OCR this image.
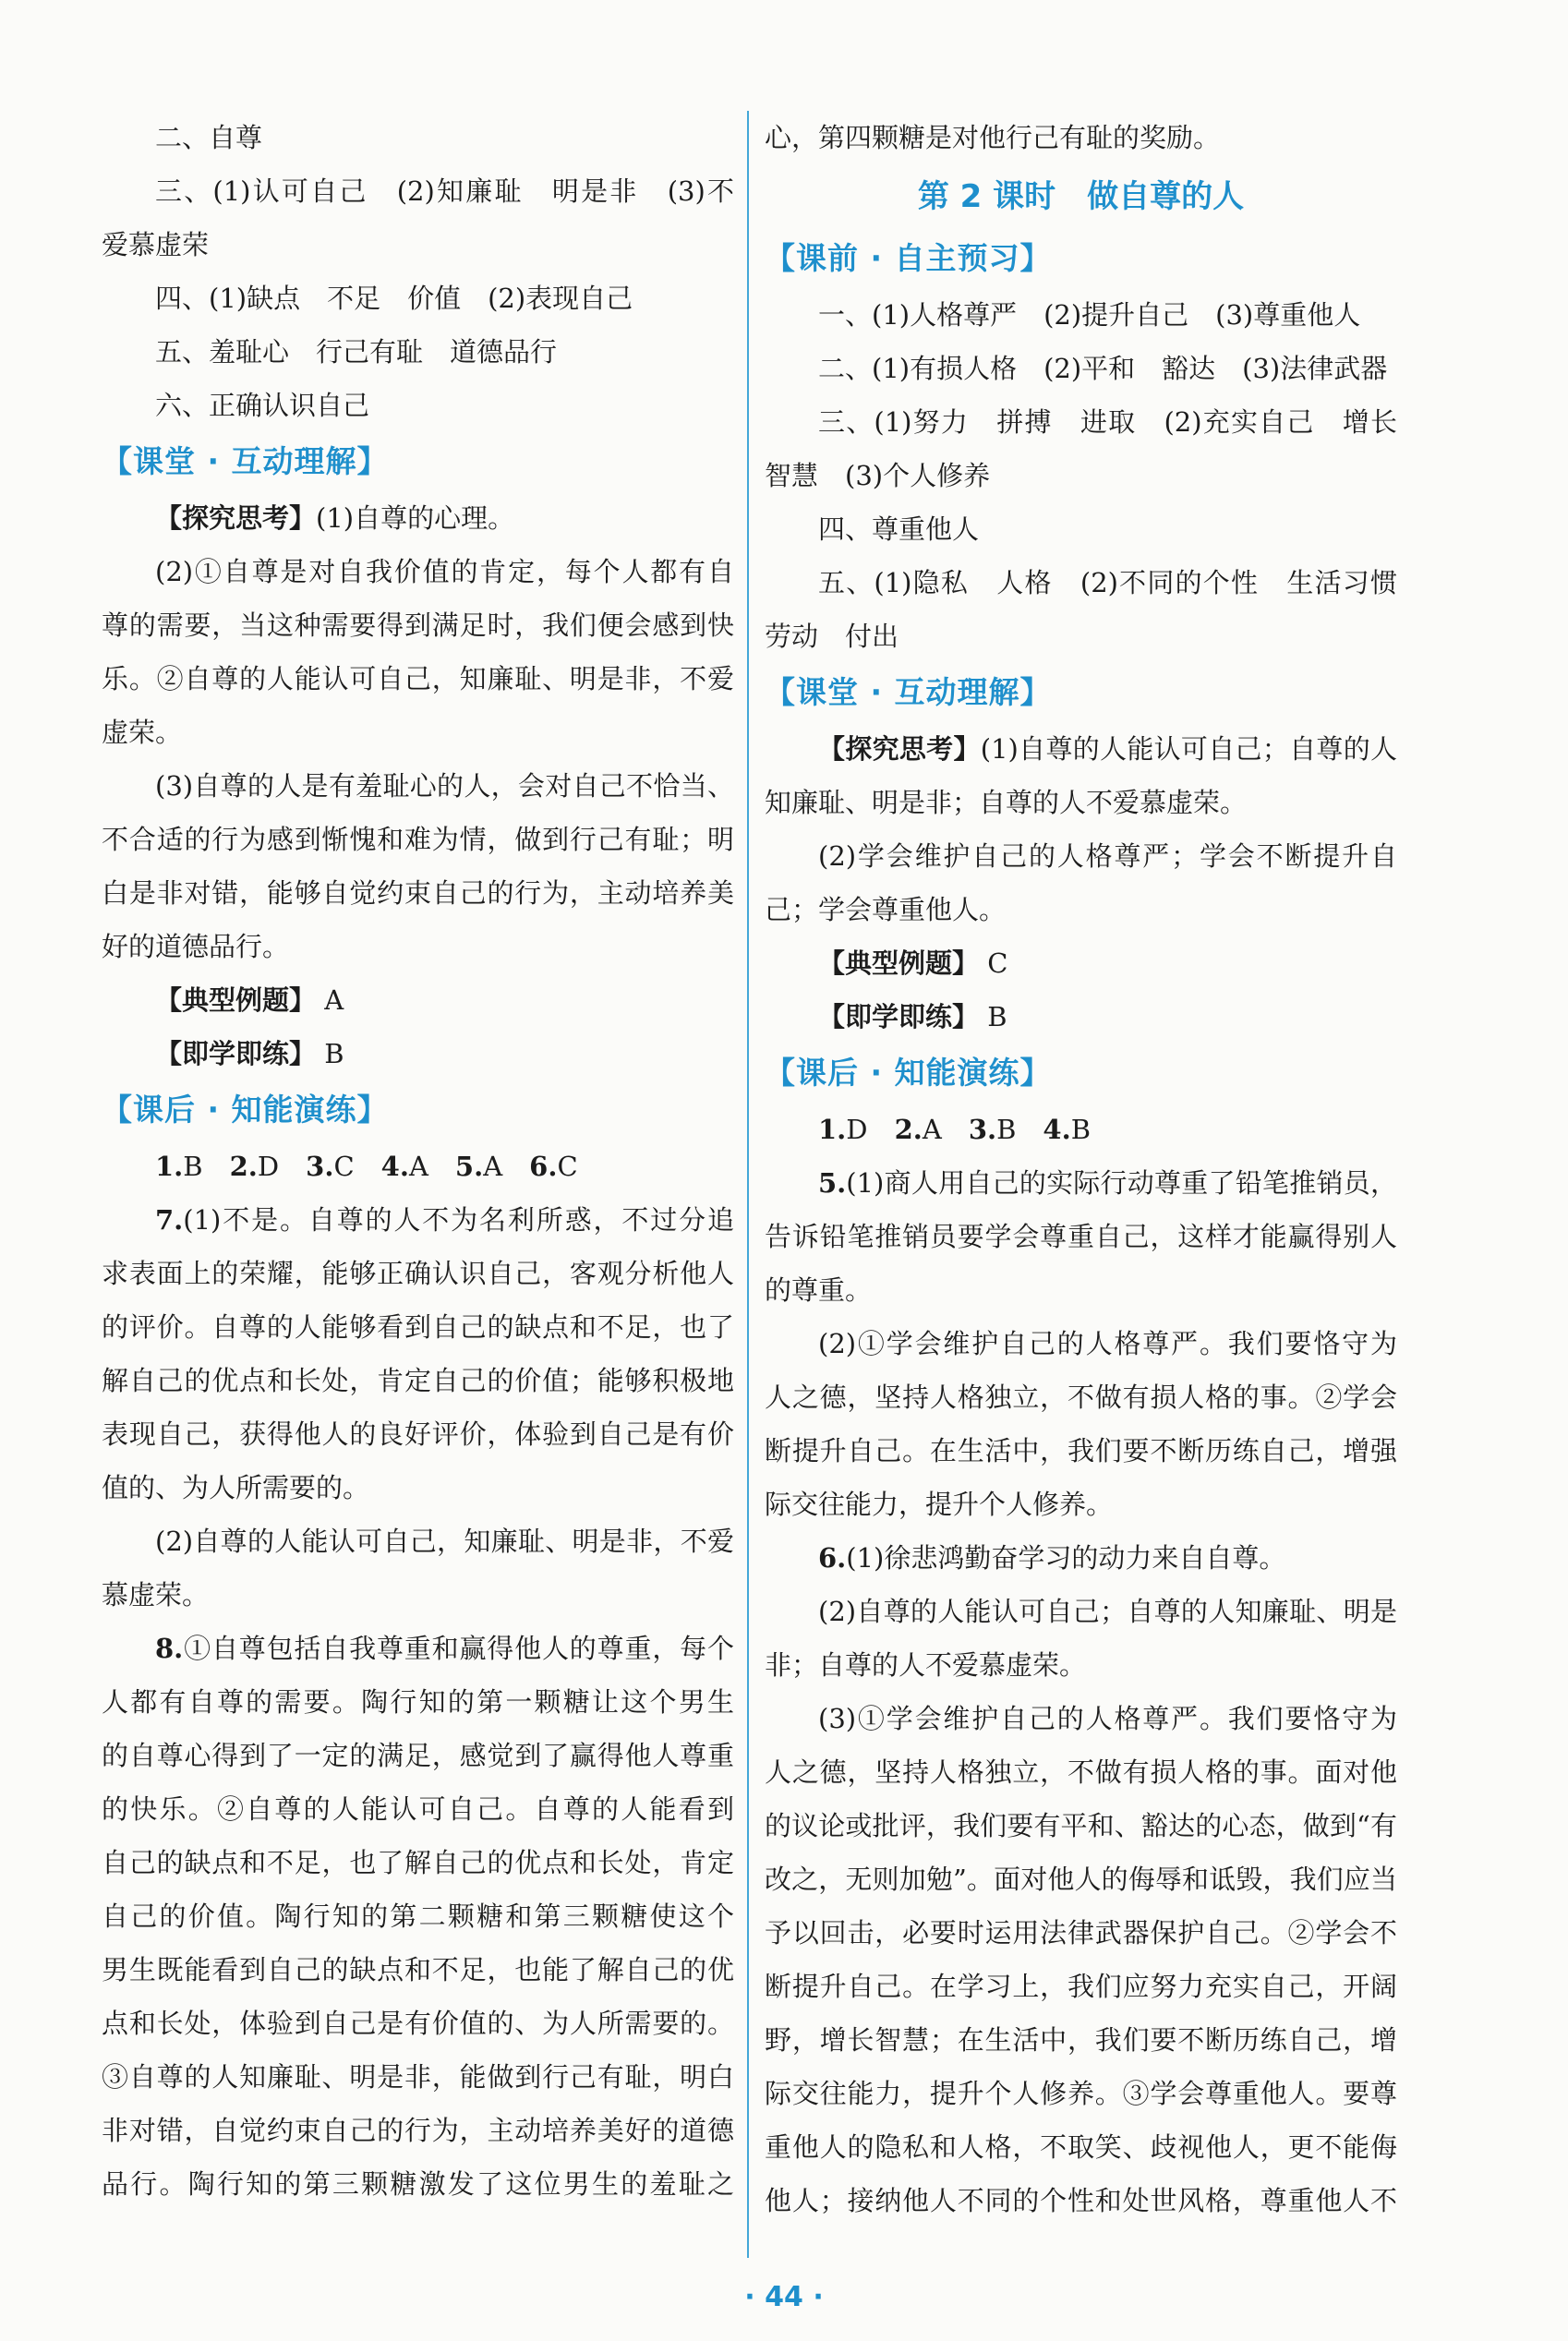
二、自尊
三、(1)认可自己　(2)知廉耻　明是非　(3)不
爱慕虚荣
四、(1)缺点　不足　价值　(2)表现自己
五、羞耻心　行己有耻　道德品行
六、正确认识自己
【课堂 · 互动理解】
【探究思考】(1)自尊的心理。
(2)①自尊是对自我价值的肯定，每个人都有自
尊的需要，当这种需要得到满足时，我们便会感到快
乐。②自尊的人能认可自己，知廉耻、明是非，不爱
虚荣。
(3)自尊的人是有羞耻心的人，会对自己不恰当、
不合适的行为感到惭愧和难为情，做到行己有耻；明
白是非对错，能够自觉约束自己的行为，主动培养美
好的道德品行。
【典型例题】 A
【即学即练】 B
【课后 · 知能演练】
1.B　 2.D　 3.C　 4.A　 5.A　 6.C
7.(1)不是。自尊的人不为名利所惑，不过分追
求表面上的荣耀，能够正确认识自己，客观分析他人
的评价。自尊的人能够看到自己的缺点和不足，也了
解自己的优点和长处，肯定自己的价值；能够积极地
表现自己，获得他人的良好评价，体验到自己是有价
值的、为人所需要的。
(2)自尊的人能认可自己，知廉耻、明是非，不爱
慕虚荣。
8.①自尊包括自我尊重和赢得他人的尊重，每个
人都有自尊的需要。陶行知的第一颗糖让这个男生
的自尊心得到了一定的满足，感觉到了赢得他人尊重
的快乐。②自尊的人能认可自己。自尊的人能看到
自己的缺点和不足，也了解自己的优点和长处，肯定
自己的价值。陶行知的第二颗糖和第三颗糖使这个
男生既能看到自己的缺点和不足，也能了解自己的优
点和长处，体验到自己是有价值的、为人所需要的。
③自尊的人知廉耻、明是非，能做到行己有耻，明白
非对错，自觉约束自己的行为，主动培养美好的道德
品行。陶行知的第三颗糖激发了这位男生的羞耻之
心，第四颗糖是对他行己有耻的奖励。
第 2 课时　做自尊的人
【课前 · 自主预习】
一、(1)人格尊严　(2)提升自己　(3)尊重他人
二、(1)有损人格　(2)平和　豁达　(3)法律武器
三、(1)努力　拼搏　进取　(2)充实自己　增长
智慧　(3)个人修养
四、尊重他人
五、(1)隐私　人格　(2)不同的个性　生活习惯
劳动　付出
【课堂 · 互动理解】
【探究思考】(1)自尊的人能认可自己；自尊的人
知廉耻、明是非；自尊的人不爱慕虚荣。
(2)学会维护自己的人格尊严；学会不断提升自
己；学会尊重他人。
【典型例题】 C
【即学即练】 B
【课后 · 知能演练】
1.D　 2.A　 3.B　 4.B
5.(1)商人用自己的实际行动尊重了铅笔推销员，
告诉铅笔推销员要学会尊重自己，这样才能赢得别人
的尊重。
(2)①学会维护自己的人格尊严。我们要恪守为
人之德，坚持人格独立，不做有损人格的事。②学会
断提升自己。在生活中，我们要不断历练自己，增强
际交往能力，提升个人修养。
6.(1)徐悲鸿勤奋学习的动力来自自尊。
(2)自尊的人能认可自己；自尊的人知廉耻、明是
非；自尊的人不爱慕虚荣。
(3)①学会维护自己的人格尊严。我们要恪守为
人之德，坚持人格独立，不做有损人格的事。面对他
的议论或批评，我们要有平和、豁达的心态，做到“有
改之，无则加勉”。面对他人的侮辱和诋毁，我们应当
予以回击，必要时运用法律武器保护自己。②学会不
断提升自己。在学习上，我们应努力充实自己，开阔
野，增长智慧；在生活中，我们要不断历练自己，增
际交往能力，提升个人修养。③学会尊重他人。要尊
重他人的隐私和人格，不取笑、歧视他人，更不能侮
他人；接纳他人不同的个性和处世风格，尊重他人不
· 44 ·
